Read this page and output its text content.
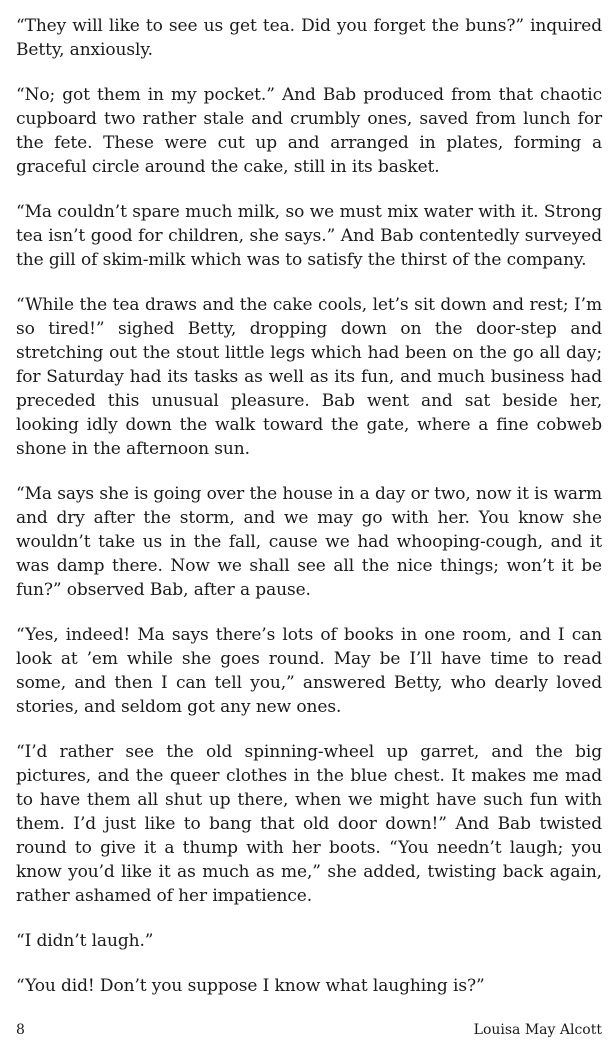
“They will like to see us get tea. Did you forget the buns?” inquired Betty, anxiously.

“No; got them in my pocket.” And Bab produced from that chaotic cupboard two rather stale and crumbly ones, saved from lunch for the fete. These were cut up and arranged in plates, forming a graceful circle around the cake, still in its basket.

“Ma couldn’t spare much milk, so we must mix water with it. Strong tea isn’t good for children, she says.” And Bab contentedly surveyed the gill of skim-milk which was to satisfy the thirst of the company.

“While the tea draws and the cake cools, let’s sit down and rest; I’m so tired!” sighed Betty, dropping down on the door-step and stretching out the stout little legs which had been on the go all day; for Saturday had its tasks as well as its fun, and much business had preceded this unusual pleasure. Bab went and sat beside her, looking idly down the walk toward the gate, where a fine cobweb shone in the afternoon sun.

“Ma says she is going over the house in a day or two, now it is warm and dry after the storm, and we may go with her. You know she wouldn’t take us in the fall, cause we had whooping-cough, and it was damp there. Now we shall see all the nice things; won’t it be fun?” observed Bab, after a pause.

“Yes, indeed! Ma says there’s lots of books in one room, and I can look at ’em while she goes round. May be I’ll have time to read some, and then I can tell you,” answered Betty, who dearly loved stories, and seldom got any new ones.

“I’d rather see the old spinning-wheel up garret, and the big pictures, and the queer clothes in the blue chest. It makes me mad to have them all shut up there, when we might have such fun with them. I’d just like to bang that old door down!” And Bab twisted round to give it a thump with her boots. “You needn’t laugh; you know you’d like it as much as me,” she added, twisting back again, rather ashamed of her impatience.

“I didn’t laugh.”

“You did! Don’t you suppose I know what laughing is?”

8	Louisa May Alcott
